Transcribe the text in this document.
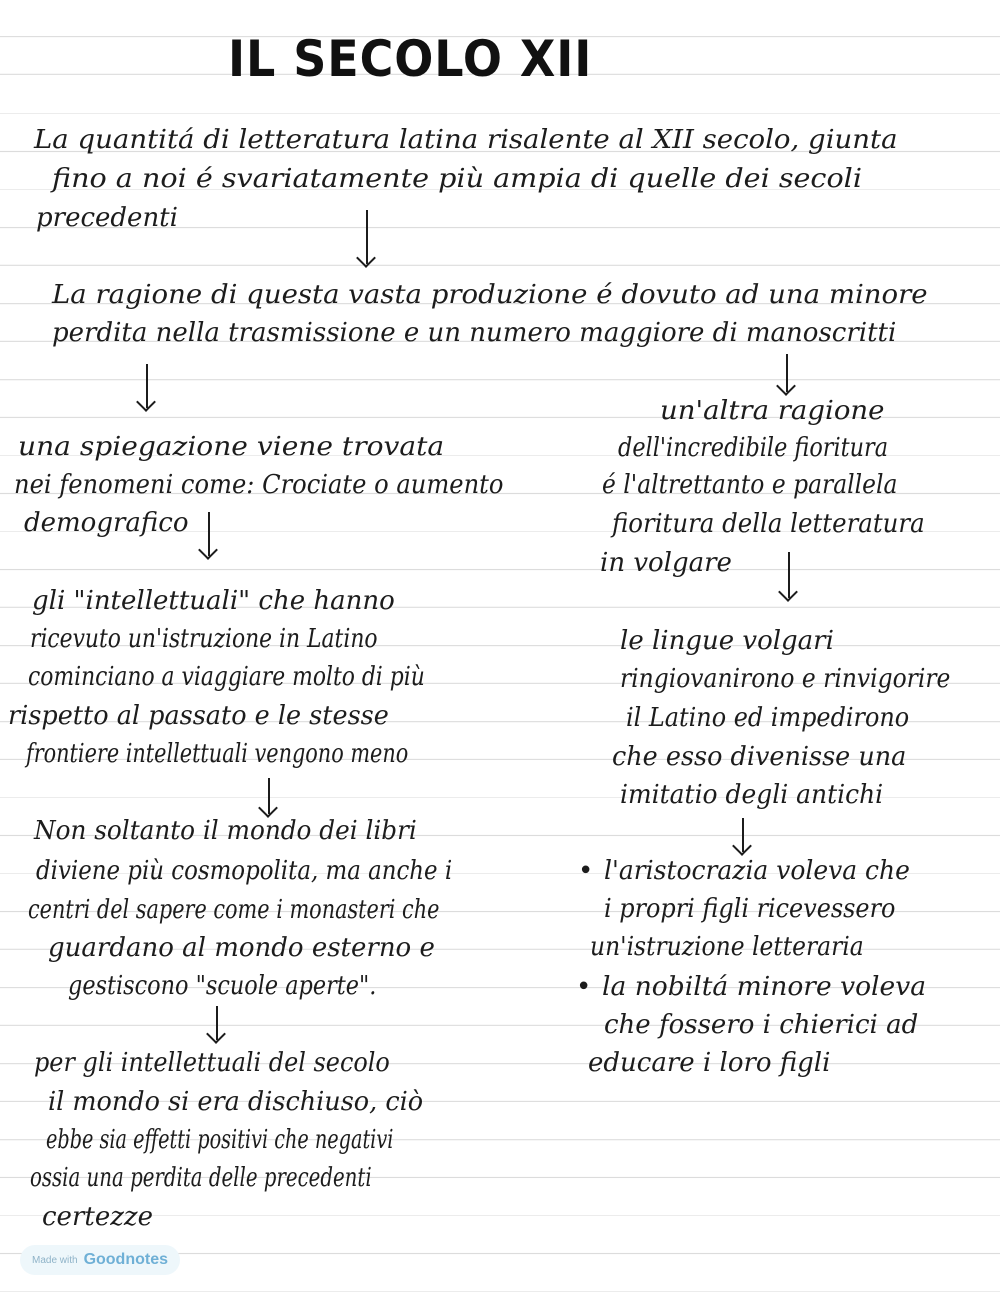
IL SECOLO XII
La quantitá di letteratura latina risalente al XII secolo, giunta
fino a noi é svariatamente più ampia di quelle dei secoli
precedenti
La ragione di questa vasta produzione é dovuto ad una minore
perdita nella trasmissione e un numero maggiore di manoscritti
una spiegazione viene trovata
nei fenomeni come: Crociate o aumento
demografico
gli "intellettuali" che hanno
ricevuto un'istruzione in Latino
cominciano a viaggiare molto di più
rispetto al passato e le stesse
frontiere intellettuali vengono meno
Non soltanto il mondo dei libri
diviene più cosmopolita, ma anche i
centri del sapere come i monasteri che
guardano al mondo esterno e
gestiscono "scuole aperte".
per gli intellettuali del secolo
il mondo si era dischiuso, ciò
ebbe sia effetti positivi che negativi
ossia una perdita delle precedenti
certezze
un'altra ragione
dell'incredibile fioritura
é l'altrettanto e parallela
fioritura della letteratura
in volgare
le lingue volgari
ringiovanirono e rinvigorire
il Latino ed impedirono
che esso divenisse una
imitatio degli antichi
• l'aristocrazia voleva che
i propri figli ricevessero
un'istruzione letteraria
• la nobiltá minore voleva
che fossero i chierici ad
educare i loro figli
Made with Goodnotes
